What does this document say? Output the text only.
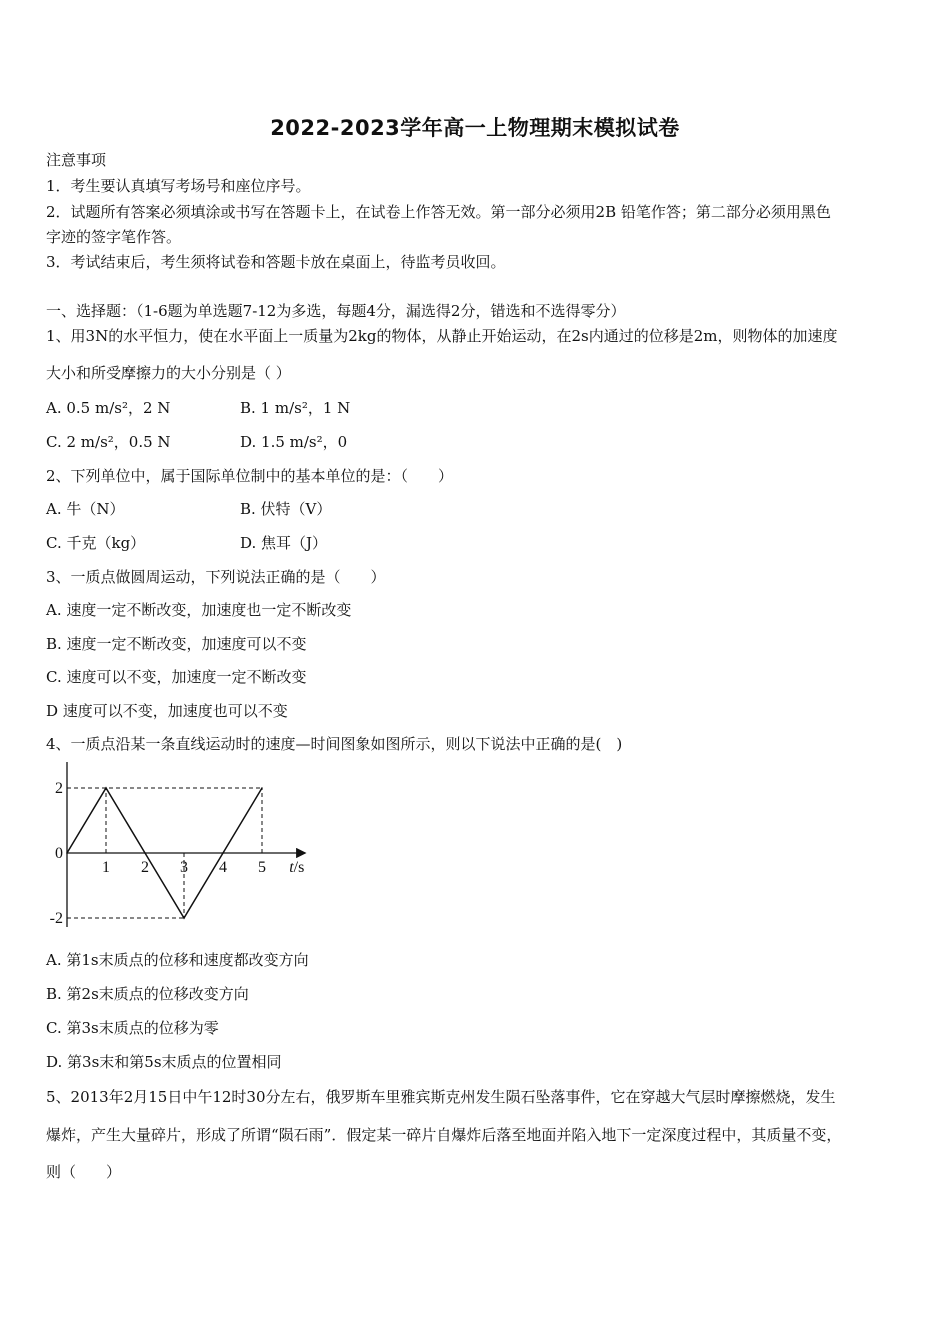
2022-2023学年高一上物理期末模拟试卷
注意事项
1．考生要认真填写考场号和座位序号。
2．试题所有答案必须填涂或书写在答题卡上，在试卷上作答无效。第一部分必须用2B 铅笔作答；第二部分必须用黑色
字迹的签字笔作答。
3．考试结束后，考生须将试卷和答题卡放在桌面上，待监考员收回。
一、选择题：（1-6题为单选题7-12为多选，每题4分，漏选得2分，错选和不选得零分）
1、用3N的水平恒力，使在水平面上一质量为2kg的物体，从静止开始运动，在2s内通过的位移是2m，则物体的加速度
大小和所受摩擦力的大小分别是（ ）
A. 0.5 m/s²，2 N	B. 1 m/s²，1 N
C. 2 m/s²，0.5 N	D. 1.5 m/s²，0
2、下列单位中，属于国际单位制中的基本单位的是：（　　）
A. 牛（N）	B. 伏特（V）
C. 千克（kg）	D. 焦耳（J）
3、一质点做圆周运动，下列说法正确的是（　　）
A. 速度一定不断改变，加速度也一定不断改变
B. 速度一定不断改变，加速度可以不变
C. 速度可以不变，加速度一定不断改变
D 速度可以不变，加速度也可以不变
4、一质点沿某一条直线运动时的速度—时间图象如图所示，则以下说法中正确的是(　)
1 2 3 4 5
2
0
-2
t/s
A. 第1s末质点的位移和速度都改变方向
B. 第2s末质点的位移改变方向
C. 第3s末质点的位移为零
D. 第3s末和第5s末质点的位置相同
5、2013年2月15日中午12时30分左右，俄罗斯车里雅宾斯克州发生陨石坠落事件，它在穿越大气层时摩擦燃烧，发生
爆炸，产生大量碎片，形成了所谓“陨石雨”．假定某一碎片自爆炸后落至地面并陷入地下一定深度过程中，其质量不变，
则（　　）
